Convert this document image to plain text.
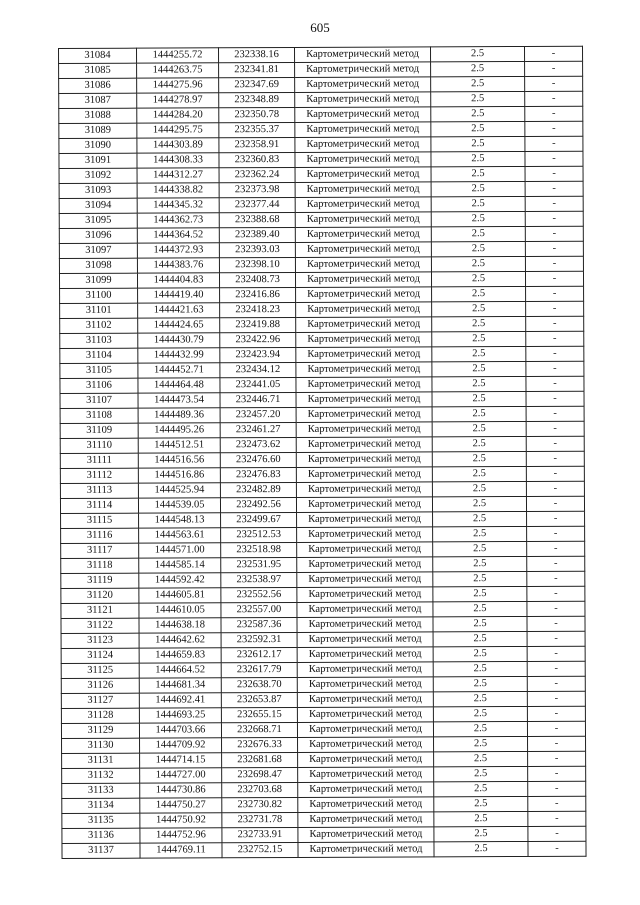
605
31084	1444255.72	232338.16	Картометрический метод	2.5	-
31085	1444263.75	232341.81	Картометрический метод	2.5	-
31086	1444275.96	232347.69	Картометрический метод	2.5	-
31087	1444278.97	232348.89	Картометрический метод	2.5	-
31088	1444284.20	232350.78	Картометрический метод	2.5	-
31089	1444295.75	232355.37	Картометрический метод	2.5	-
31090	1444303.89	232358.91	Картометрический метод	2.5	-
31091	1444308.33	232360.83	Картометрический метод	2.5	-
31092	1444312.27	232362.24	Картометрический метод	2.5	-
31093	1444338.82	232373.98	Картометрический метод	2.5	-
31094	1444345.32	232377.44	Картометрический метод	2.5	-
31095	1444362.73	232388.68	Картометрический метод	2.5	-
31096	1444364.52	232389.40	Картометрический метод	2.5	-
31097	1444372.93	232393.03	Картометрический метод	2.5	-
31098	1444383.76	232398.10	Картометрический метод	2.5	-
31099	1444404.83	232408.73	Картометрический метод	2.5	-
31100	1444419.40	232416.86	Картометрический метод	2.5	-
31101	1444421.63	232418.23	Картометрический метод	2.5	-
31102	1444424.65	232419.88	Картометрический метод	2.5	-
31103	1444430.79	232422.96	Картометрический метод	2.5	-
31104	1444432.99	232423.94	Картометрический метод	2.5	-
31105	1444452.71	232434.12	Картометрический метод	2.5	-
31106	1444464.48	232441.05	Картометрический метод	2.5	-
31107	1444473.54	232446.71	Картометрический метод	2.5	-
31108	1444489.36	232457.20	Картометрический метод	2.5	-
31109	1444495.26	232461.27	Картометрический метод	2.5	-
31110	1444512.51	232473.62	Картометрический метод	2.5	-
31111	1444516.56	232476.60	Картометрический метод	2.5	-
31112	1444516.86	232476.83	Картометрический метод	2.5	-
31113	1444525.94	232482.89	Картометрический метод	2.5	-
31114	1444539.05	232492.56	Картометрический метод	2.5	-
31115	1444548.13	232499.67	Картометрический метод	2.5	-
31116	1444563.61	232512.53	Картометрический метод	2.5	-
31117	1444571.00	232518.98	Картометрический метод	2.5	-
31118	1444585.14	232531.95	Картометрический метод	2.5	-
31119	1444592.42	232538.97	Картометрический метод	2.5	-
31120	1444605.81	232552.56	Картометрический метод	2.5	-
31121	1444610.05	232557.00	Картометрический метод	2.5	-
31122	1444638.18	232587.36	Картометрический метод	2.5	-
31123	1444642.62	232592.31	Картометрический метод	2.5	-
31124	1444659.83	232612.17	Картометрический метод	2.5	-
31125	1444664.52	232617.79	Картометрический метод	2.5	-
31126	1444681.34	232638.70	Картометрический метод	2.5	-
31127	1444692.41	232653.87	Картометрический метод	2.5	-
31128	1444693.25	232655.15	Картометрический метод	2.5	-
31129	1444703.66	232668.71	Картометрический метод	2.5	-
31130	1444709.92	232676.33	Картометрический метод	2.5	-
31131	1444714.15	232681.68	Картометрический метод	2.5	-
31132	1444727.00	232698.47	Картометрический метод	2.5	-
31133	1444730.86	232703.68	Картометрический метод	2.5	-
31134	1444750.27	232730.82	Картометрический метод	2.5	-
31135	1444750.92	232731.78	Картометрический метод	2.5	-
31136	1444752.96	232733.91	Картометрический метод	2.5	-
31137	1444769.11	232752.15	Картометрический метод	2.5	-
